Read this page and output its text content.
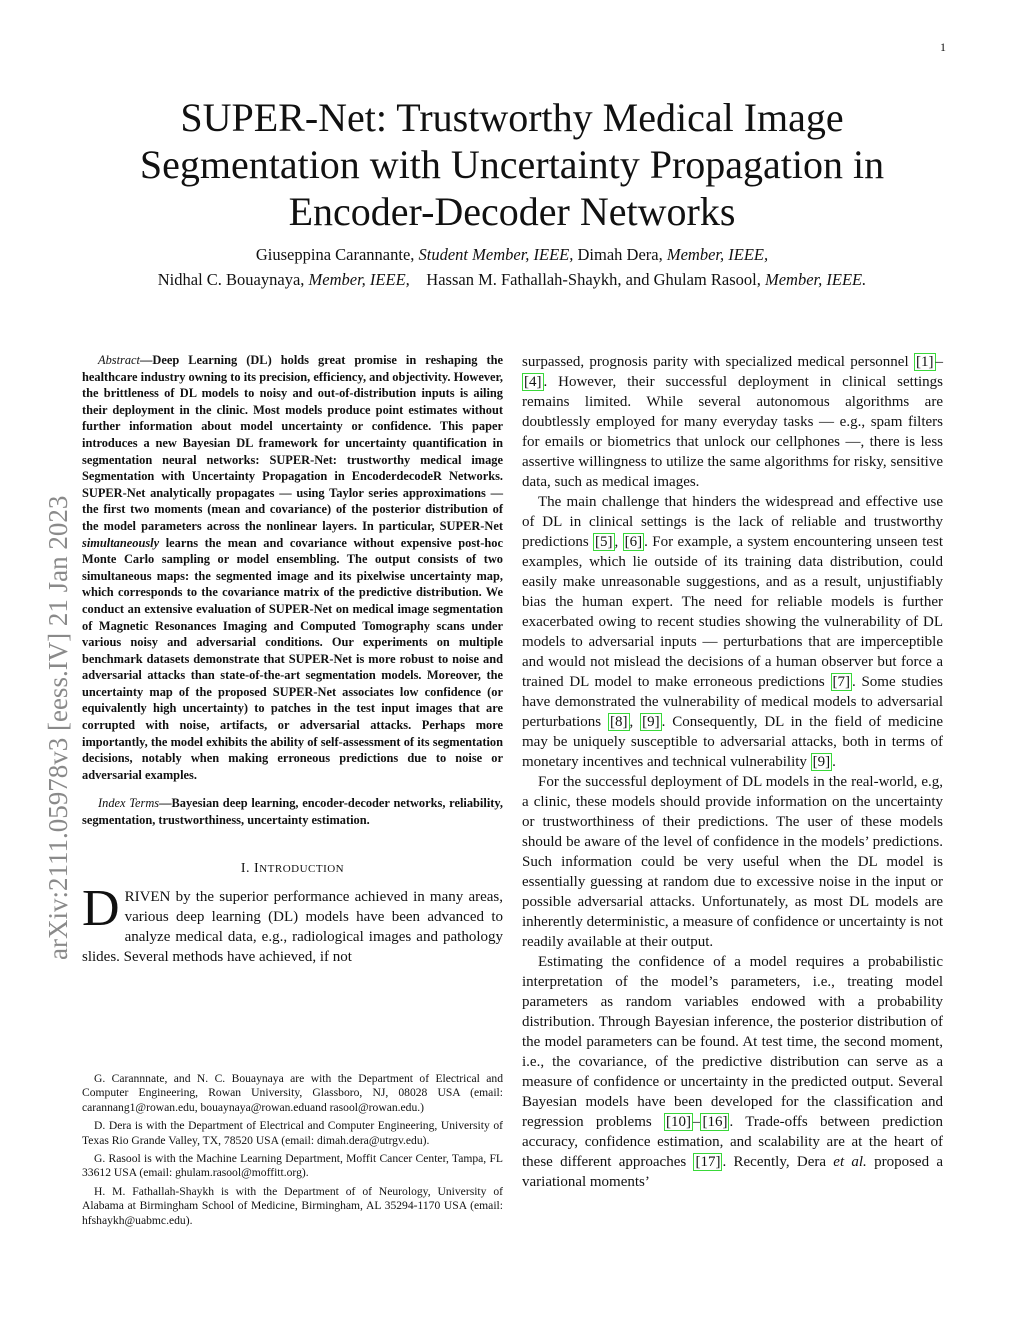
1
arXiv:2111.05978v3 [eess.IV] 21 Jan 2023
SUPER-Net: Trustworthy Medical Image Segmentation with Uncertainty Propagation in Encoder-Decoder Networks
Giuseppina Carannante, Student Member, IEEE, Dimah Dera, Member, IEEE,
Nidhal C. Bouaynaya, Member, IEEE, Hassan M. Fathallah-Shaykh, and Ghulam Rasool, Member, IEEE.

Abstract—Deep Learning (DL) holds great promise in reshaping the healthcare industry owning to its precision, efficiency, and objectivity. However, the brittleness of DL models to noisy and out-of-distribution inputs is ailing their deployment in the clinic. Most models produce point estimates without further information about model uncertainty or confidence. This paper introduces a new Bayesian DL framework for uncertainty quantification in segmentation neural networks: SUPER-Net: trustworthy medical image Segmentation with Uncertainty Propagation in EncoderdecodeR Networks. SUPER-Net analytically propagates — using Taylor series approximations — the first two moments (mean and covariance) of the posterior distribution of the model parameters across the nonlinear layers. In particular, SUPER-Net simultaneously learns the mean and covariance without expensive post-hoc Monte Carlo sampling or model ensembling. The output consists of two simultaneous maps: the segmented image and its pixelwise uncertainty map, which corresponds to the covariance matrix of the predictive distribution. We conduct an extensive evaluation of SUPER-Net on medical image segmentation of Magnetic Resonances Imaging and Computed Tomography scans under various noisy and adversarial conditions. Our experiments on multiple benchmark datasets demonstrate that SUPER-Net is more robust to noise and adversarial attacks than state-of-the-art segmentation models. Moreover, the uncertainty map of the proposed SUPER-Net associates low confidence (or equivalently high uncertainty) to patches in the test input images that are corrupted with noise, artifacts, or adversarial attacks. Perhaps more importantly, the model exhibits the ability of self-assessment of its segmentation decisions, notably when making erroneous predictions due to noise or adversarial examples.

Index Terms—Bayesian deep learning, encoder-decoder networks, reliability, segmentation, trustworthiness, uncertainty estimation.

I. INTRODUCTION

DRIVEN by the superior performance achieved in many areas, various deep learning (DL) models have been advanced to analyze medical data, e.g., radiological images and pathology slides. Several methods have achieved, if not

G. Carannnate, and N. C. Bouaynaya are with the Department of Electrical and Computer Engineering, Rowan University, Glassboro, NJ, 08028 USA (email: carannang1@rowan.edu, bouaynaya@rowan.eduand rasool@rowan.edu.)

D. Dera is with the Department of Electrical and Computer Engineering, University of Texas Rio Grande Valley, TX, 78520 USA (email: dimah.dera@utrgv.edu).

G. Rasool is with the Machine Learning Department, Moffit Cancer Center, Tampa, FL 33612 USA (email: ghulam.rasool@moffitt.org).

H. M. Fathallah-Shaykh is with the Department of of Neurology, University of Alabama at Birmingham School of Medicine, Birmingham, AL 35294-1170 USA (email: hfshaykh@uabmc.edu).

surpassed, prognosis parity with specialized medical personnel [1] –[4] . However, their successful deployment in clinical settings remains limited. While several autonomous algorithms are doubtlessly employed for many everyday tasks — e.g., spam filters for emails or biometrics that unlock our cellphones —, there is less assertive willingness to utilize the same algorithms for risky, sensitive data, such as medical images.

The main challenge that hinders the widespread and effective use of DL in clinical settings is the lack of reliable and trustworthy predictions [5] , [6] . For example, a system encountering unseen test examples, which lie outside of its training data distribution, could easily make unreasonable suggestions, and as a result, unjustifiably bias the human expert. The need for reliable models is further exacerbated owing to recent studies showing the vulnerability of DL models to adversarial inputs — perturbations that are imperceptible and would not mislead the decisions of a human observer but force a trained DL model to make erroneous predictions [7] . Some studies have demonstrated the vulnerability of medical models to adversarial perturbations [8] , [9] . Consequently, DL in the field of medicine may be uniquely susceptible to adversarial attacks, both in terms of monetary incentives and technical vulnerability [9] .

For the successful deployment of DL models in the real-world, e.g, a clinic, these models should provide information on the uncertainty or trustworthiness of their predictions. The user of these models should be aware of the level of confidence in the models’ predictions. Such information could be very useful when the DL model is essentially guessing at random due to excessive noise in the input or possible adversarial attacks. Unfortunately, as most DL models are inherently deterministic, a measure of confidence or uncertainty is not readily available at their output.

Estimating the confidence of a model requires a probabilistic interpretation of the model’s parameters, i.e., treating model parameters as random variables endowed with a probability distribution. Through Bayesian inference, the posterior distribution of the model parameters can be found. At test time, the second moment, i.e., the covariance, of the predictive distribution can serve as a measure of confidence or uncertainty in the predicted output. Several Bayesian models have been developed for the classification and regression problems [10] – [16] . Trade-offs between prediction accuracy, confidence estimation, and scalability are at the heart of these different approaches [17] . Recently, Dera et al. proposed a variational moments’
